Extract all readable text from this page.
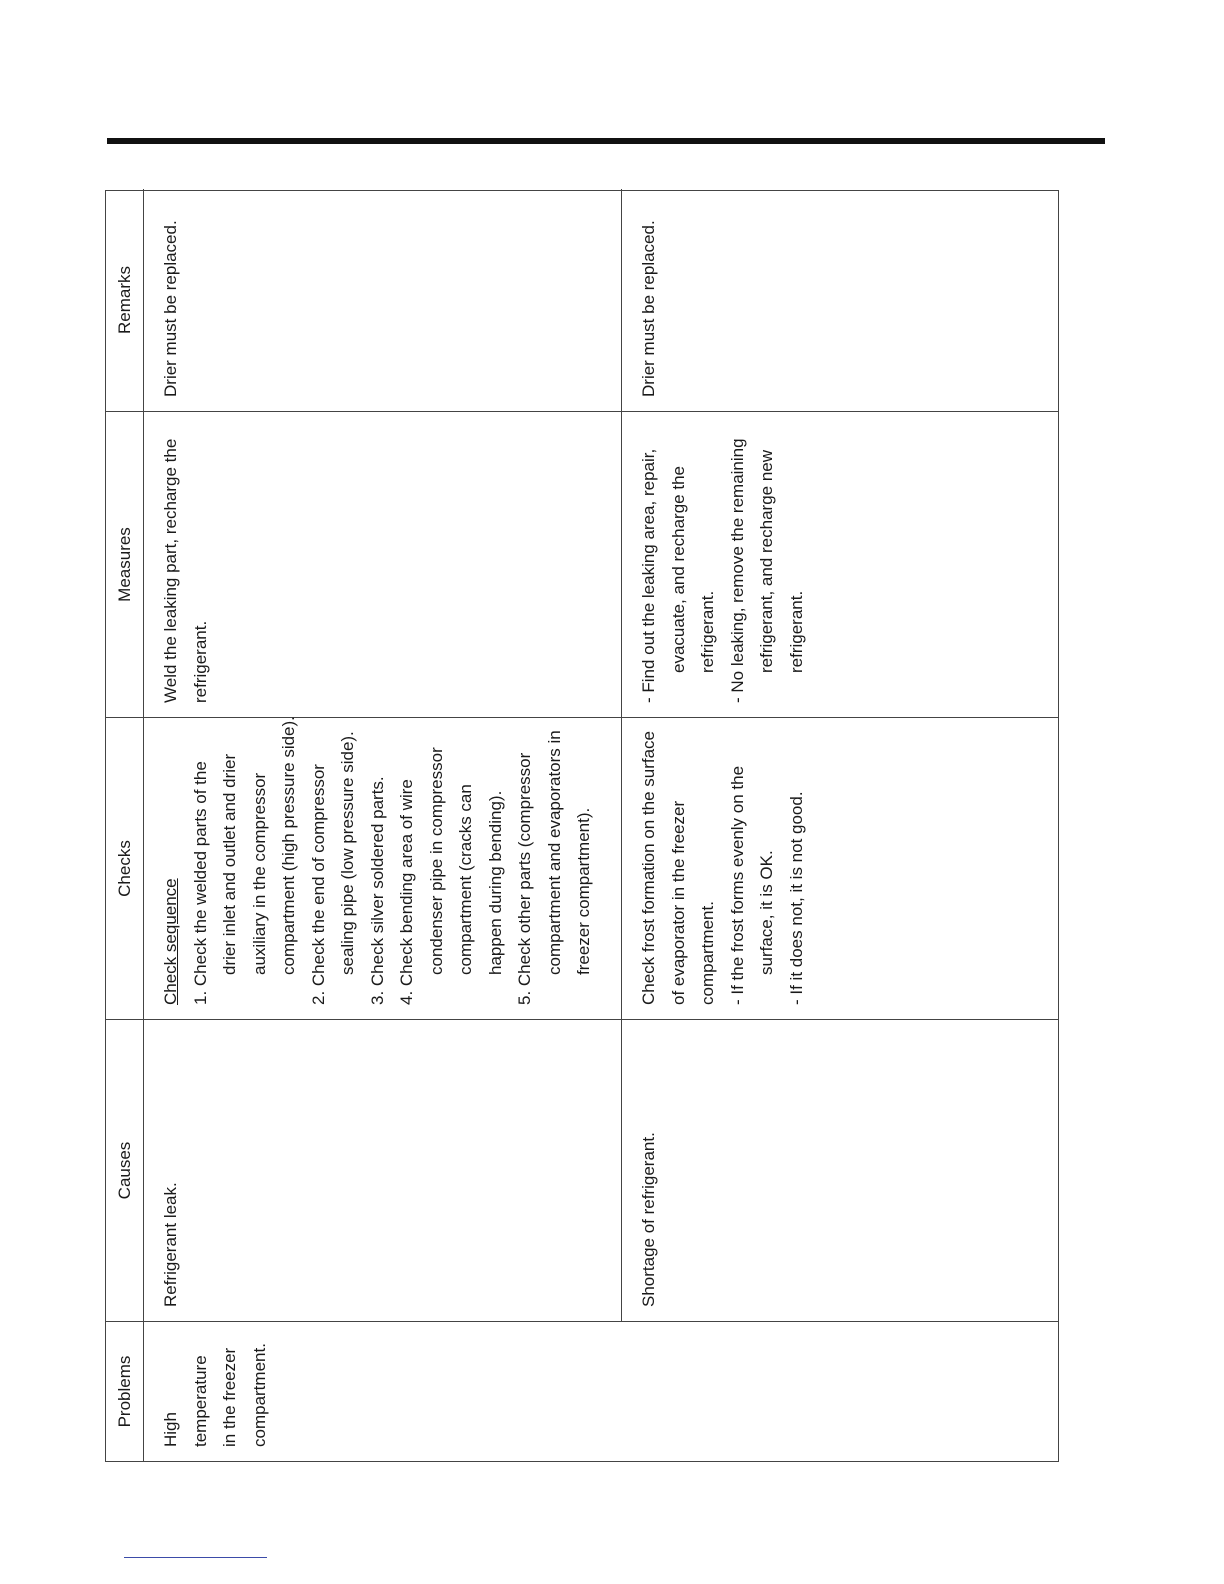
Problems
Causes
Checks
Measures
Remarks
High temperature in the freezer compartment.
Refrigerant leak.
Check sequence 1. Check the welded parts of the drier inlet and outlet and drier auxiliary in the compressor compartment (high pressure side). 2. Check the end of compressor sealing pipe (low pressure side). 3. Check silver soldered parts. 4. Check bending area of wire condenser pipe in compressor compartment (cracks can happen during bending). 5. Check other parts (compressor compartment and evaporators in freezer compartment).
Weld the leaking part, recharge the refrigerant.
Drier must be replaced.
Shortage of refrigerant.
Check frost formation on the surface of evaporator in the freezer compartment. - If the frost forms evenly on the surface, it is OK. - If it does not, it is not good.
- Find out the leaking area, repair, evacuate, and recharge the refrigerant. - No leaking, remove the remaining refrigerant, and recharge new refrigerant.
Drier must be replaced.
